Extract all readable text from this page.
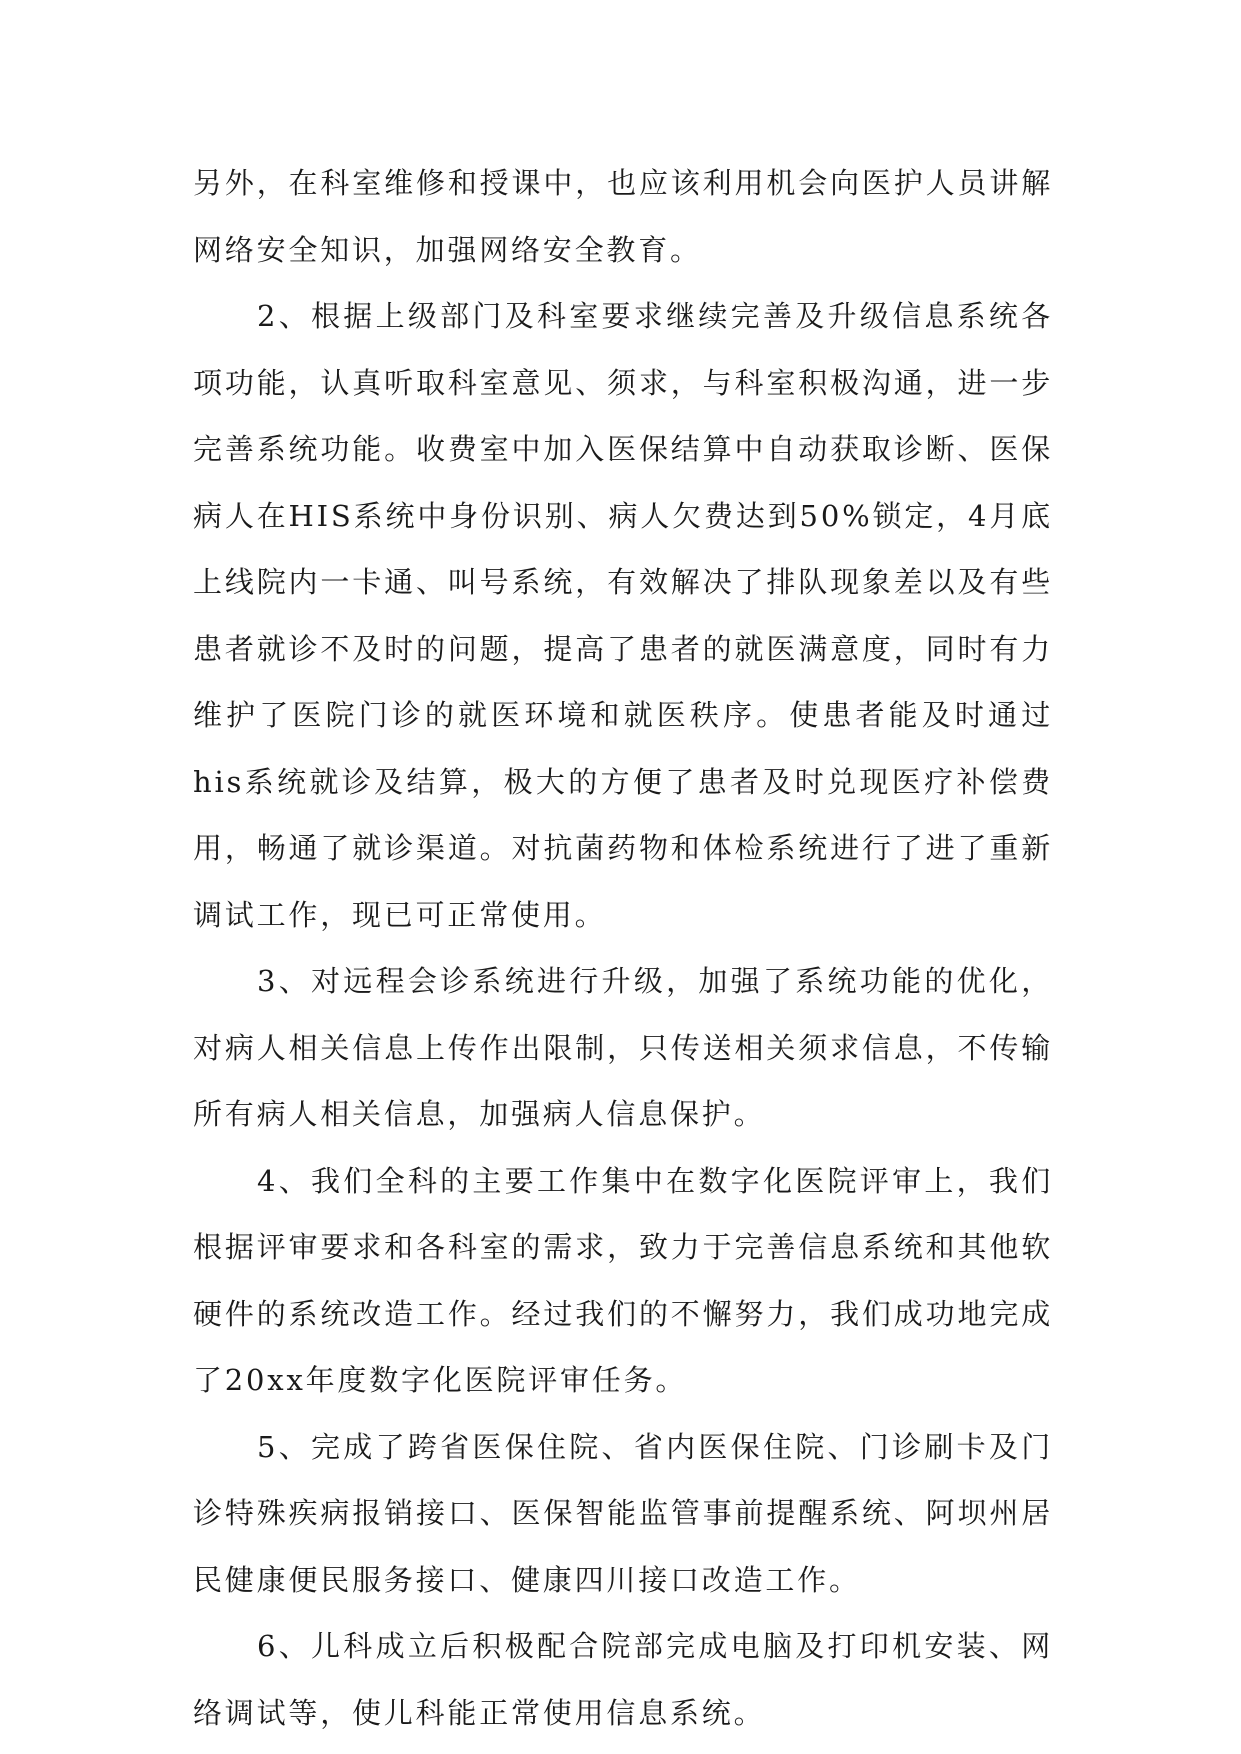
另外，在科室维修和授课中，也应该利用机会向医护人员讲解网络安全知识，加强网络安全教育。

2、根据上级部门及科室要求继续完善及升级信息系统各项功能，认真听取科室意见、须求，与科室积极沟通，进一步完善系统功能。收费室中加入医保结算中自动获取诊断、医保病人在HIS系统中身份识别、病人欠费达到50%锁定，4月底上线院内一卡通、叫号系统，有效解决了排队现象差以及有些患者就诊不及时的问题，提高了患者的就医满意度，同时有力维护了医院门诊的就医环境和就医秩序。使患者能及时通过his系统就诊及结算，极大的方便了患者及时兑现医疗补偿费用，畅通了就诊渠道。对抗菌药物和体检系统进行了进了重新调试工作，现已可正常使用。

3、对远程会诊系统进行升级，加强了系统功能的优化，对病人相关信息上传作出限制，只传送相关须求信息，不传输所有病人相关信息，加强病人信息保护。

4、我们全科的主要工作集中在数字化医院评审上，我们根据评审要求和各科室的需求，致力于完善信息系统和其他软硬件的系统改造工作。经过我们的不懈努力，我们成功地完成了20xx年度数字化医院评审任务。

5、完成了跨省医保住院、省内医保住院、门诊刷卡及门诊特殊疾病报销接口、医保智能监管事前提醒系统、阿坝州居民健康便民服务接口、健康四川接口改造工作。

6、儿科成立后积极配合院部完成电脑及打印机安装、网络调试等，使儿科能正常使用信息系统。
